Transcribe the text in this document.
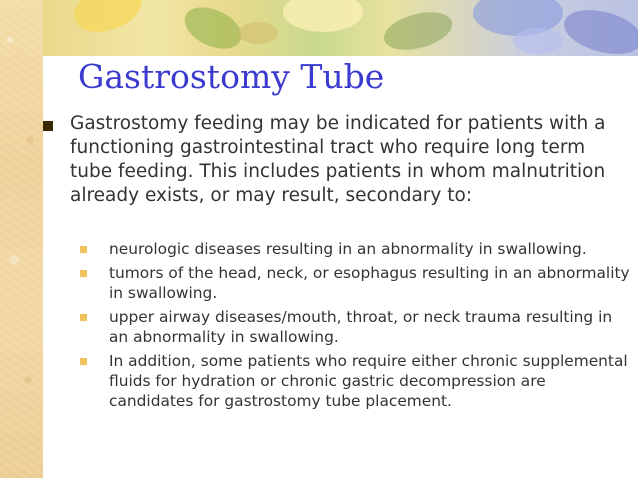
Gastrostomy Tube

Gastrostomy feeding may be indicated for patients with a functioning gastrointestinal tract who require long term tube feeding. This includes patients in whom malnutrition already exists, or may result, secondary to:

neurologic diseases resulting in an abnormality in swallowing.
tumors of the head, neck, or esophagus resulting in an abnormality in swallowing.
upper airway diseases/mouth, throat, or neck trauma resulting in an abnormality in swallowing.
In addition, some patients who require either chronic supplemental fluids for hydration or chronic gastric decompression are candidates for gastrostomy tube placement.
